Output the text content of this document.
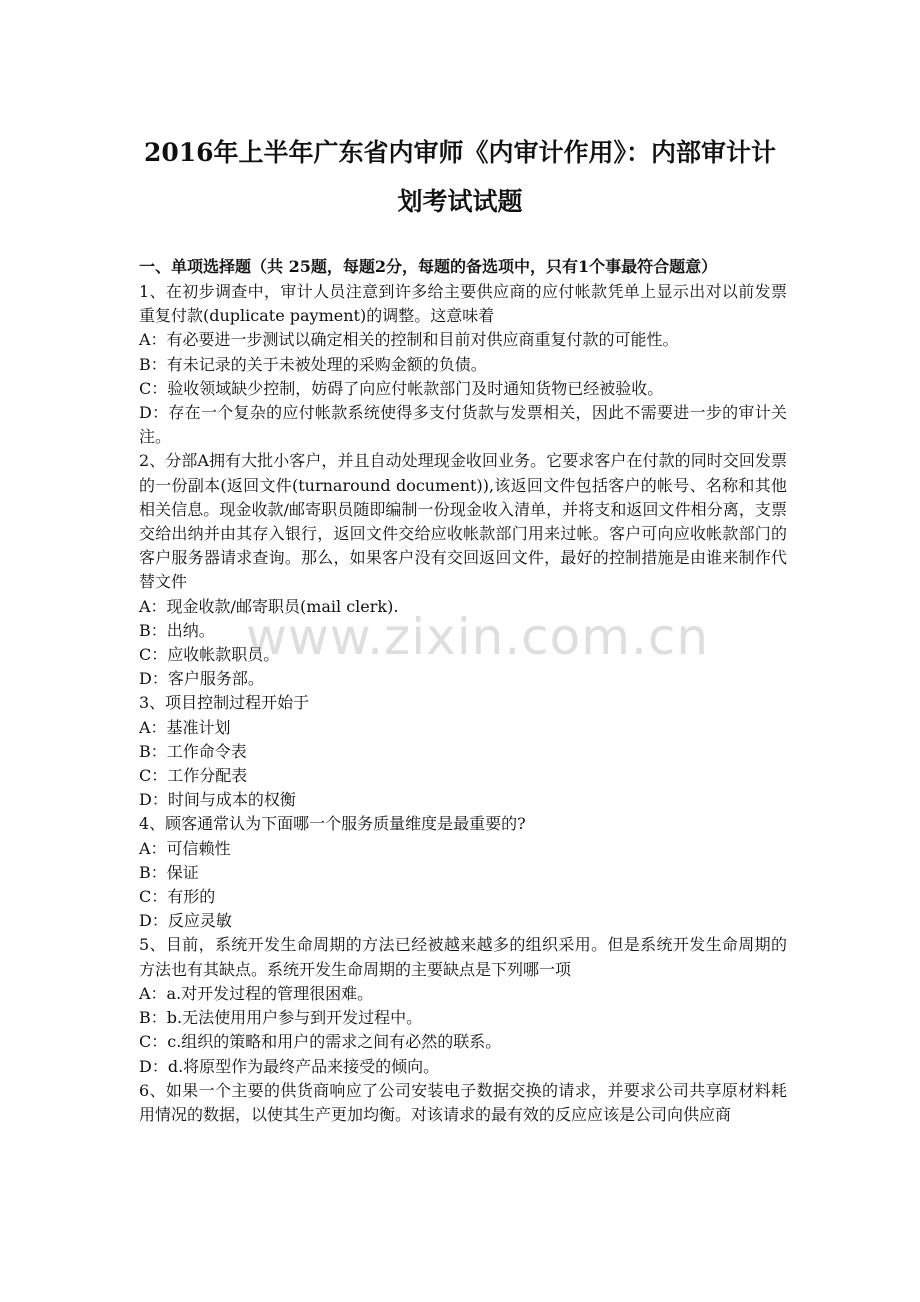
2016年上半年广东省内审师《内审计作用》：内部审计计
划考试试题

一、单项选择题（共 25题，每题2分，每题的备选项中，只有1个事最符合题意）

1、在初步调查中，审计人员注意到许多给主要供应商的应付帐款凭单上显示出对以前发票重复付款(duplicate payment)的调整。这意味着

A：有必要进一步测试以确定相关的控制和目前对供应商重复付款的可能性。

B：有未记录的关于未被处理的采购金额的负债。

C：验收领域缺少控制，妨碍了向应付帐款部门及时通知货物已经被验收。

D：存在一个复杂的应付帐款系统使得多支付货款与发票相关，因此不需要进一步的审计关注。

2、分部A拥有大批小客户，并且自动处理现金收回业务。它要求客户在付款的同时交回发票的一份副本(返回文件(turnaround document)),该返回文件包括客户的帐号、名称和其他相关信息。现金收款/邮寄职员随即编制一份现金收入清单，并将支和返回文件相分离，支票交给出纳并由其存入银行，返回文件交给应收帐款部门用来过帐。客户可向应收帐款部门的客户服务器请求查询。那么，如果客户没有交回返回文件，最好的控制措施是由谁来制作代替文件

A：现金收款/邮寄职员(mail clerk).

B：出纳。

C：应收帐款职员。

D：客户服务部。

3、项目控制过程开始于

A：基准计划

B：工作命令表

C：工作分配表

D：时间与成本的权衡

4、顾客通常认为下面哪一个服务质量维度是最重要的?

A：可信赖性

B：保证

C：有形的

D：反应灵敏

5、目前，系统开发生命周期的方法已经被越来越多的组织采用。但是系统开发生命周期的方法也有其缺点。系统开发生命周期的主要缺点是下列哪一项

A：a.对开发过程的管理很困难。

B：b.无法使用用户参与到开发过程中。

C：c.组织的策略和用户的需求之间有必然的联系。

D：d.将原型作为最终产品来接受的倾向。

6、如果一个主要的供货商响应了公司安装电子数据交换的请求，并要求公司共享原材料耗用情况的数据，以使其生产更加均衡。对该请求的最有效的反应应该是公司向供应商

www.zixin.com.cn
